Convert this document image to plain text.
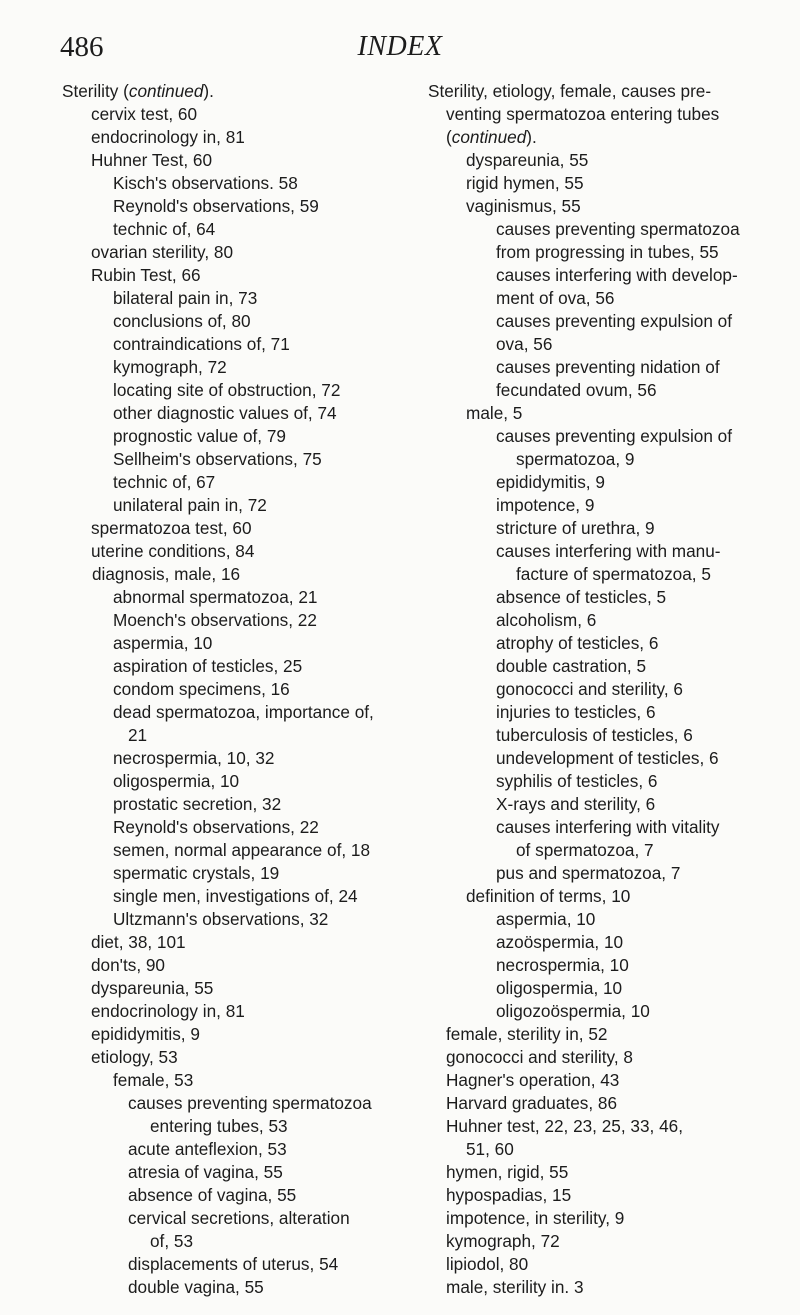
486	INDEX
Sterility (continued).
cervix test, 60
endocrinology in, 81
Huhner Test, 60
Kisch's observations. 58
Reynold's observations, 59
technic of, 64
ovarian sterility, 80
Rubin Test, 66
bilateral pain in, 73
conclusions of, 80
contraindications of, 71
kymograph, 72
locating site of obstruction, 72
other diagnostic values of, 74
prognostic value of, 79
Sellheim's observations, 75
technic of, 67
unilateral pain in, 72
spermatozoa test, 60
uterine conditions, 84
diagnosis, male, 16
abnormal spermatozoa, 21
Moench's observations, 22
aspermia, 10
aspiration of testicles, 25
condom specimens, 16
dead spermatozoa, importance of,
21
necrospermia, 10, 32
oligospermia, 10
prostatic secretion, 32
Reynold's observations, 22
semen, normal appearance of, 18
spermatic crystals, 19
single men, investigations of, 24
Ultzmann's observations, 32
diet, 38, 101
don'ts, 90
dyspareunia, 55
endocrinology in, 81
epididymitis, 9
etiology, 53
female, 53
causes preventing spermatozoa
entering tubes, 53
acute anteflexion, 53
atresia of vagina, 55
absence of vagina, 55
cervical secretions, alteration
of, 53
displacements of uterus, 54
double vagina, 55
Sterility, etiology, female, causes pre-
venting spermatozoa entering tubes
(continued).
dyspareunia, 55
rigid hymen, 55
vaginismus, 55
causes preventing spermatozoa
from progressing in tubes, 55
causes interfering with develop-
ment of ova, 56
causes preventing expulsion of
ova, 56
causes preventing nidation of
fecundated ovum, 56
male, 5
causes preventing expulsion of
spermatozoa, 9
epididymitis, 9
impotence, 9
stricture of urethra, 9
causes interfering with manu-
facture of spermatozoa, 5
absence of testicles, 5
alcoholism, 6
atrophy of testicles, 6
double castration, 5
gonococci and sterility, 6
injuries to testicles, 6
tuberculosis of testicles, 6
undevelopment of testicles, 6
syphilis of testicles, 6
X-rays and sterility, 6
causes interfering with vitality
of spermatozoa, 7
pus and spermatozoa, 7
definition of terms, 10
aspermia, 10
azoöspermia, 10
necrospermia, 10
oligospermia, 10
oligozoöspermia, 10
female, sterility in, 52
gonococci and sterility, 8
Hagner's operation, 43
Harvard graduates, 86
Huhner test, 22, 23, 25, 33, 46,
51, 60
hymen, rigid, 55
hypospadias, 15
impotence, in sterility, 9
kymograph, 72
lipiodol, 80
male, sterility in. 3
